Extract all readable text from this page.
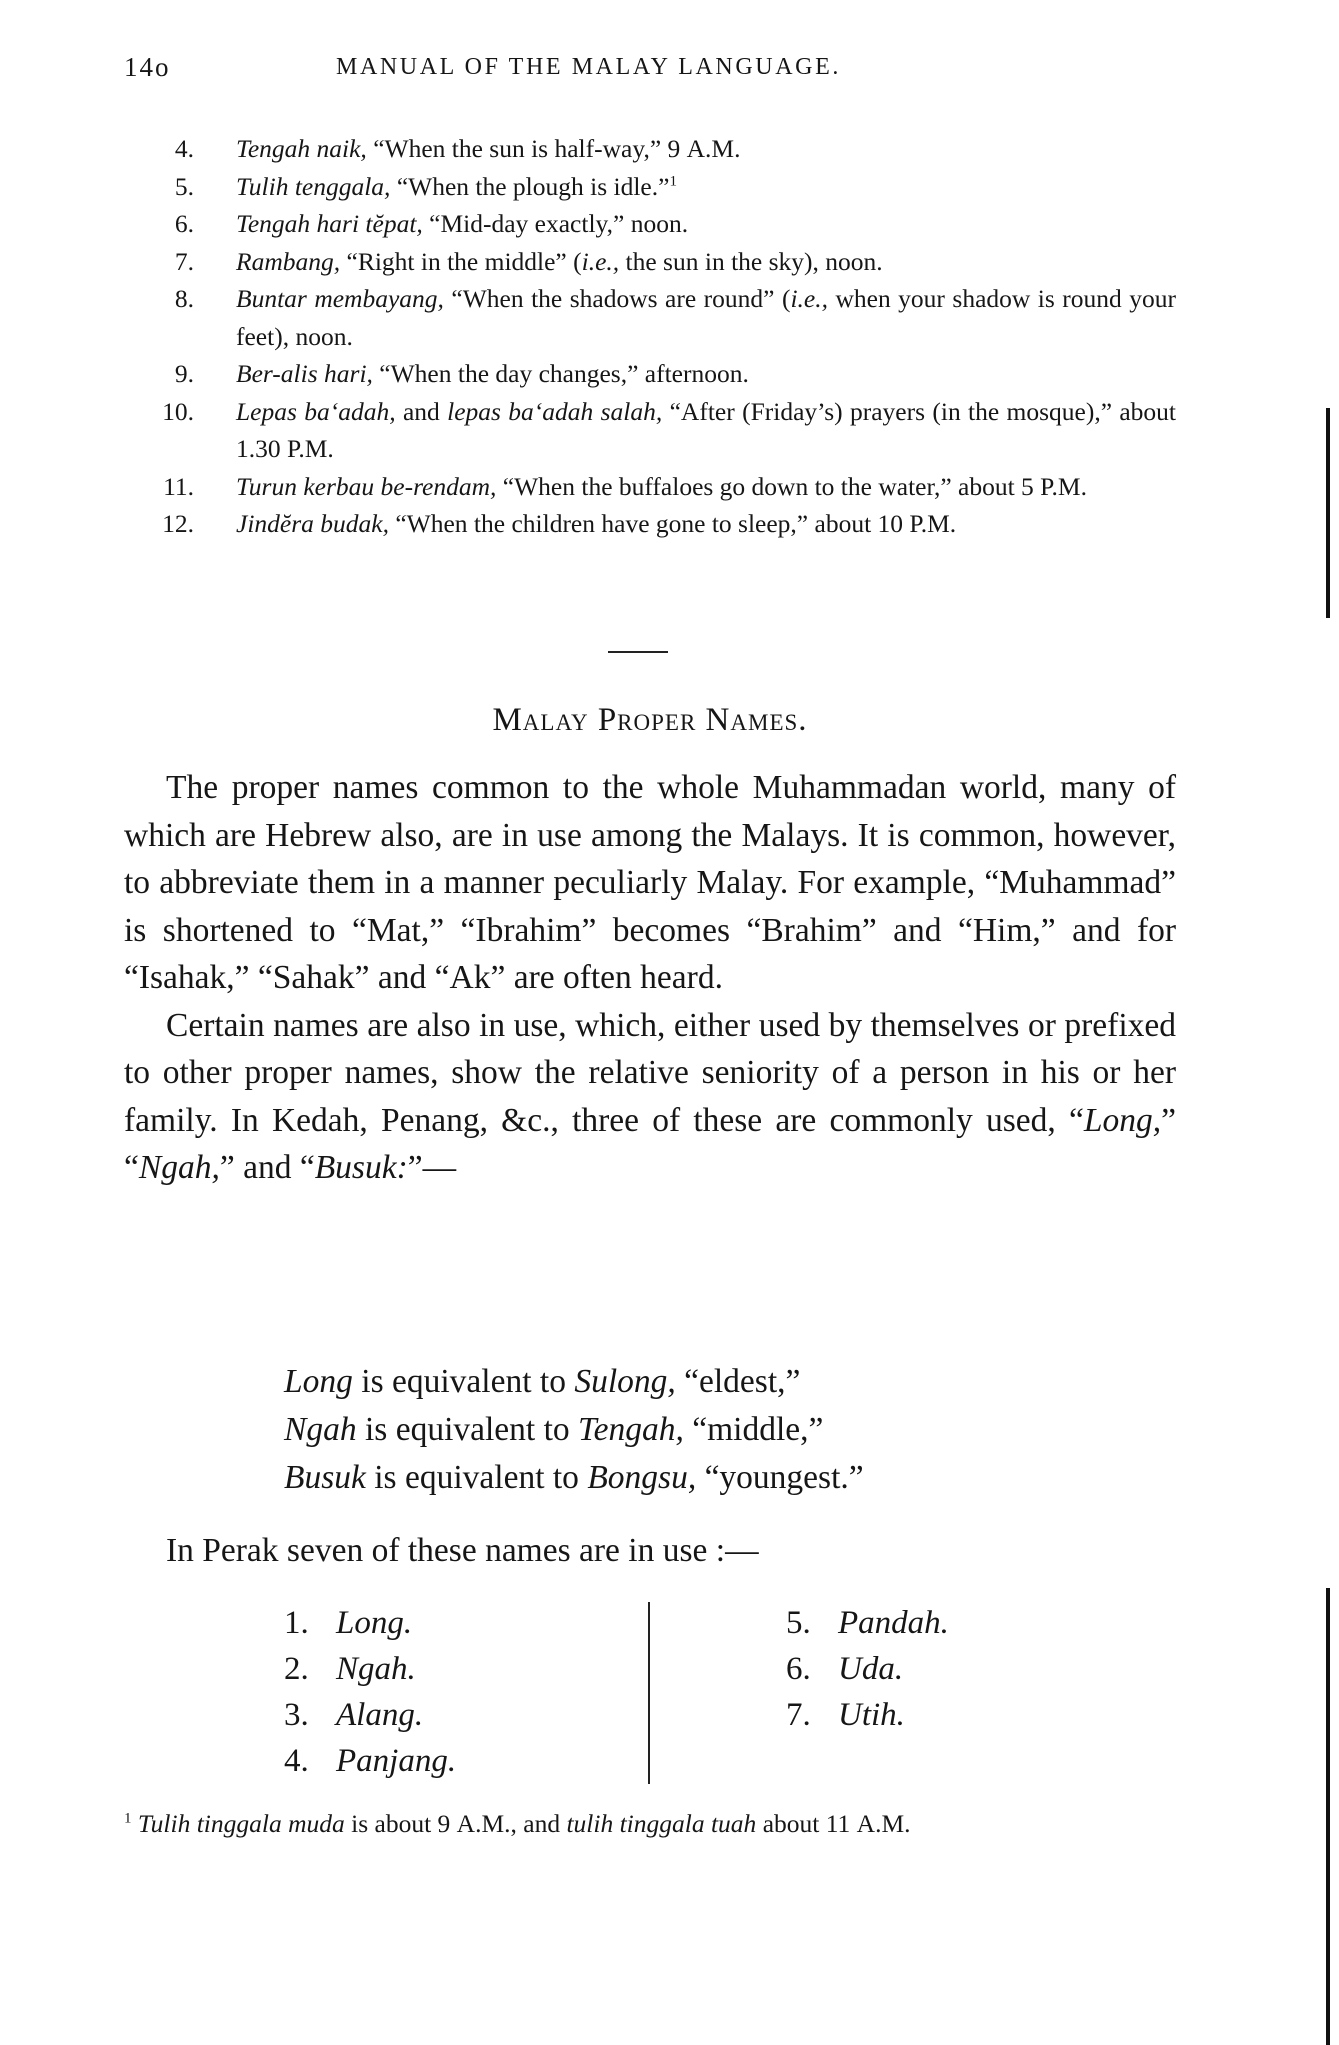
14o	MANUAL OF THE MALAY LANGUAGE.
4. Tengah naik, “When the sun is half-way,” 9 A.M.
5. Tulih tenggala, “When the plough is idle.”$^1$
6. Tengah hari tĕpat, “Mid-day exactly,” noon.
7. Rambang, “Right in the middle” (i.e., the sun in the sky), noon.
8. Buntar membayang, “When the shadows are round” (i.e., when your shadow is round your feet), noon.
9. Ber-alis hari, “When the day changes,” afternoon.
10. Lepas ba‘adah, and lepas ba‘adah salah, “After (Friday’s) prayers (in the mosque),” about 1.30 P.M.
11. Turun kerbau be-rendam, “When the buffaloes go down to the water,” about 5 P.M.
12. Jindĕra budak, “When the children have gone to sleep,” about 10 P.M.
Malay Proper Names.

The proper names common to the whole Muhammadan world, many of which are Hebrew also, are in use among the Malays. It is common, however, to abbreviate them in a manner peculiarly Malay. For example, “Muhammad” is shortened to “Mat,” “Ibrahim” becomes “Brahim” and “Him,” and for “Isahak,” “Sahak” and “Ak” are often heard.

Certain names are also in use, which, either used by themselves or prefixed to other proper names, show the relative seniority of a person in his or her family. In Kedah, Penang, &c., three of these are commonly used, “Long,” “Ngah,” and “Busuk:”—

Long is equivalent to Sulong, “eldest,”
Ngah is equivalent to Tengah, “middle,”
Busuk is equivalent to Bongsu, “youngest.”
In Perak seven of these names are in use :—
1. Long.
2. Ngah.
3. Alang.
4. Panjang.
5. Pandah.
6. Uda.
7. Utih.
$^1$ Tulih tinggala muda is about 9 A.M., and tulih tinggala tuah about 11 A.M.
